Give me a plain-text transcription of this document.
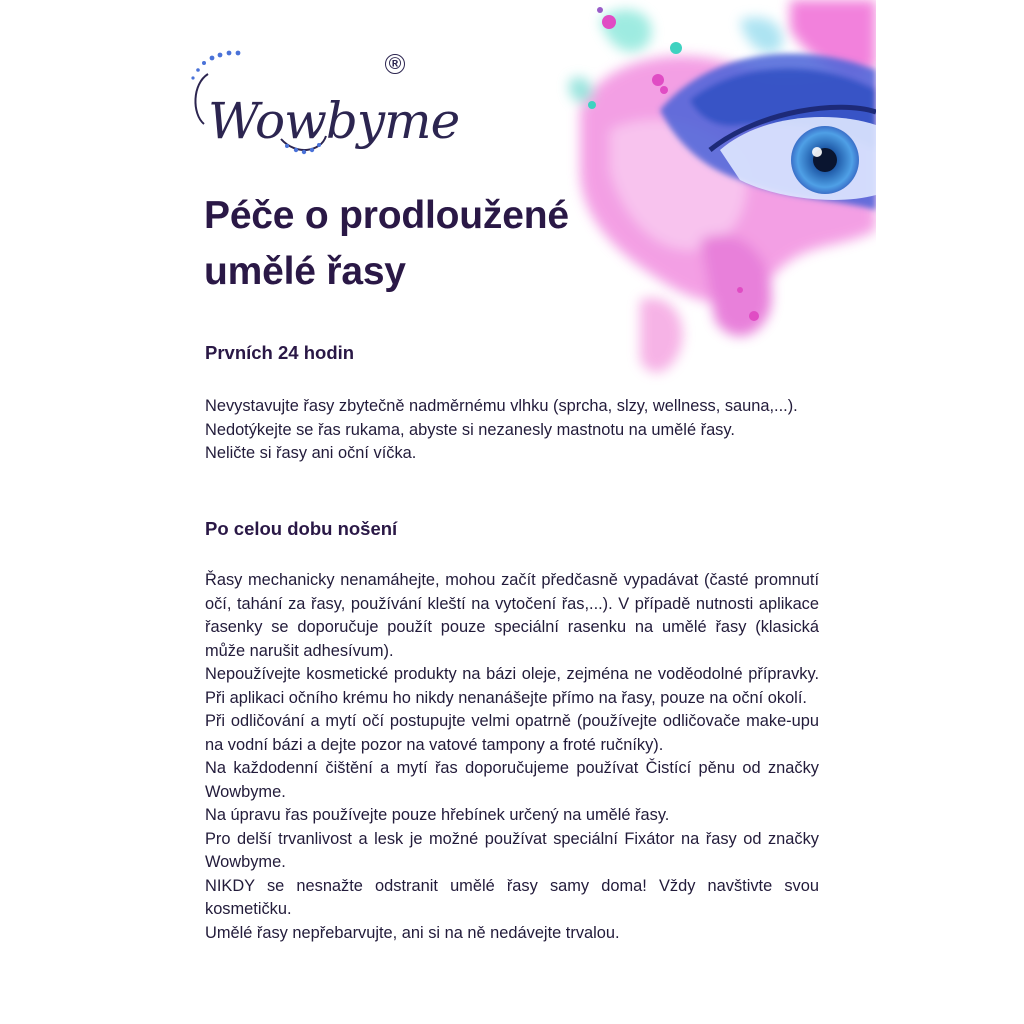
Wowbyme
®
Péče o prodloužené
umělé řasy
Prvních 24 hodin

Nevystavujte řasy zbytečně nadměrnému vlhku (sprcha, slzy, wellness, sauna,...).

Nedotýkejte se řas rukama, abyste si nezanesly mastnotu na umělé řasy.

Neličte si řasy ani oční víčka.

Po celou dobu nošení

Řasy mechanicky nenamáhejte, mohou začít předčasně vypadávat (časté promnutí očí, tahání za řasy, používání kleští na vytočení řas,...). V případě nutnosti aplikace řasenky se doporučuje použít pouze speciální rasenku na umělé řasy (klasická může narušit adhesívum).

Nepoužívejte kosmetické produkty na bázi oleje, zejména ne voděodolné přípravky. Při aplikaci očního krému ho nikdy nenanášejte přímo na řasy, pouze na oční okolí.

Při odličování a mytí očí postupujte velmi opatrně (používejte odličovače make-upu na vodní bázi a dejte pozor na vatové tampony a froté ručníky).

Na každodenní čištění a mytí řas doporučujeme používat Čistící pěnu od značky Wowbyme.

Na úpravu řas používejte pouze hřebínek určený na umělé řasy.

Pro delší trvanlivost a lesk je možné používat speciální Fixátor na řasy od značky Wowbyme.

NIKDY se nesnažte odstranit umělé řasy samy doma! Vždy navštivte svou kosmetičku.

Umělé řasy nepřebarvujte, ani si na ně nedávejte trvalou.
